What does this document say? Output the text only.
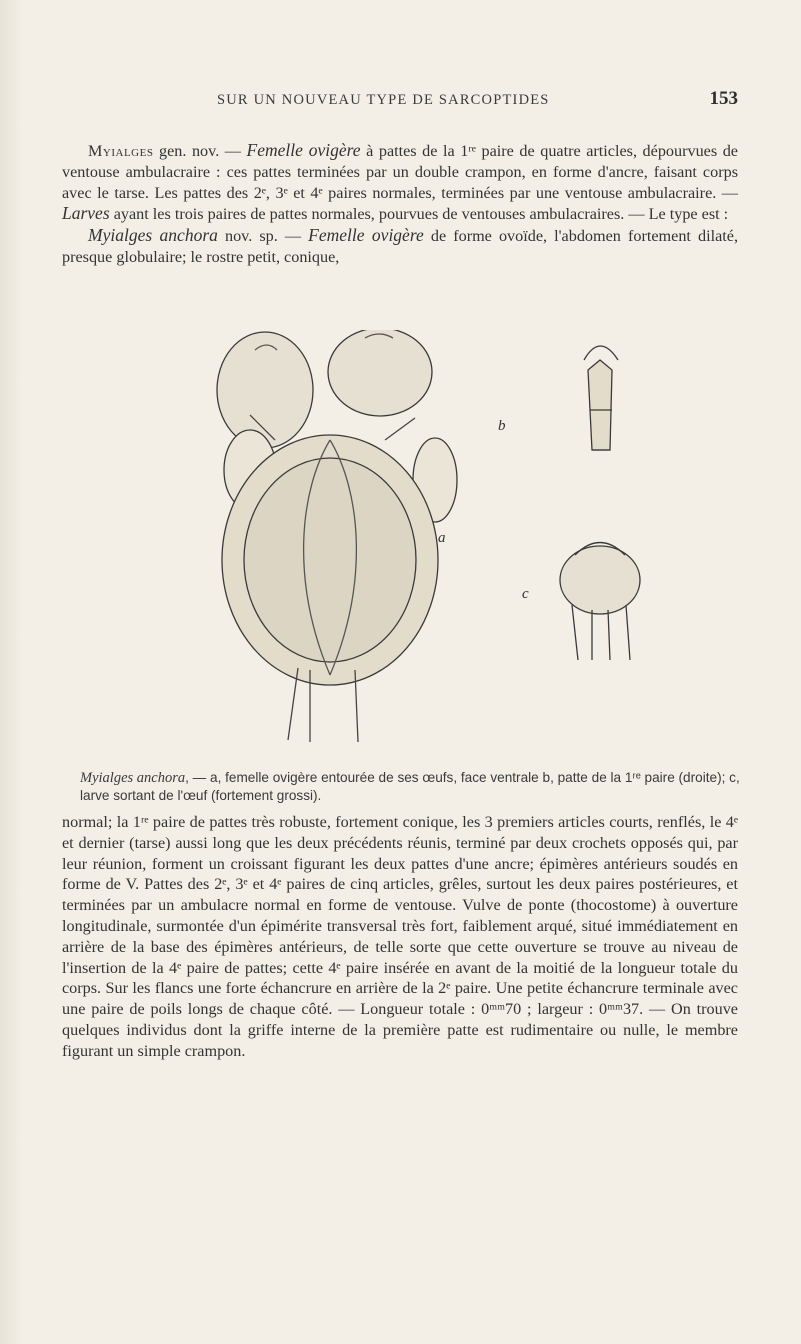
SUR UN NOUVEAU TYPE DE SARCOPTIDES	153

Myialges gen. nov. — Femelle ovigère à pattes de la 1ʳᵉ paire de quatre articles, dépourvues de ventouse ambulacraire : ces pattes terminées par un double crampon, en forme d'ancre, faisant corps avec le tarse. Les pattes des 2ᵉ, 3ᵉ et 4ᵉ paires normales, terminées par une ventouse ambulacraire. — Larves ayant les trois paires de pattes normales, pourvues de ventouses ambulacraires. — Le type est :

Myialges anchora nov. sp. — Femelle ovigère de forme ovoïde, l'abdomen fortement dilaté, presque globulaire; le rostre petit, conique,

a
b
c
Myialges anchora, — a, femelle ovigère entourée de ses œufs, face ventrale b, patte de la 1ʳᵉ paire (droite); c, larve sortant de l'œuf (fortement grossi).

normal; la 1ʳᵉ paire de pattes très robuste, fortement conique, les 3 premiers articles courts, renflés, le 4ᵉ et dernier (tarse) aussi long que les deux précédents réunis, terminé par deux crochets opposés qui, par leur réunion, forment un croissant figurant les deux pattes d'une ancre; épimères antérieurs soudés en forme de V. Pattes des 2ᵉ, 3ᵉ et 4ᵉ paires de cinq articles, grêles, surtout les deux paires postérieures, et terminées par un ambulacre normal en forme de ventouse. Vulve de ponte (thocostome) à ouverture longitudinale, surmontée d'un épimérite transversal très fort, faiblement arqué, situé immédiatement en arrière de la base des épimères antérieurs, de telle sorte que cette ouverture se trouve au niveau de l'insertion de la 4ᵉ paire de pattes; cette 4ᵉ paire insérée en avant de la moitié de la longueur totale du corps. Sur les flancs une forte échancrure en arrière de la 2ᵉ paire. Une petite échancrure terminale avec une paire de poils longs de chaque côté. — Longueur totale : 0ᵐᵐ70 ; largeur : 0ᵐᵐ37. — On trouve quelques individus dont la griffe interne de la première patte est rudimentaire ou nulle, le membre figurant un simple crampon.
